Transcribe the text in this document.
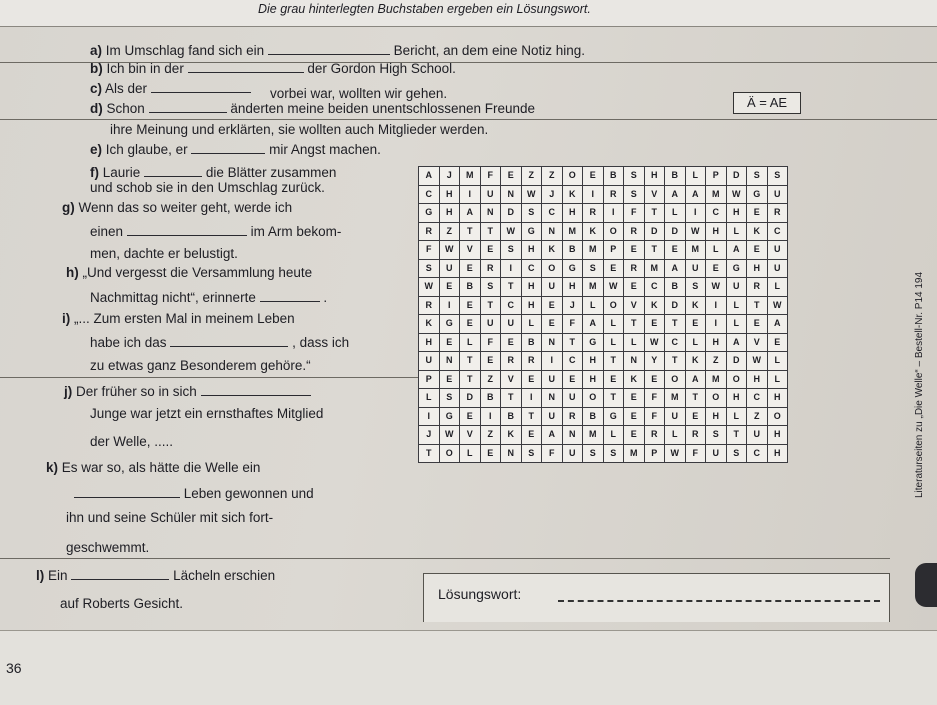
Die grau hinterlegten Buchstaben ergeben ein Lösungswort.
a) Im Umschlag fand sich ein	Bericht, an dem eine Notiz hing.
b) Ich bin in der	der Gordon High School.
c) Als der	vorbei war, wollten wir gehen.
d) Schon	änderten meine beiden unentschlossenen Freunde	Ä = AE
ihre Meinung und erklärten, sie wollten auch Mitglieder werden.
e) Ich glaube, er	mir Angst machen.
f) Laurie	die Blätter zusammen
und schob sie in den Umschlag zurück.
g) Wenn das so weiter geht, werde ich
einen	im Arm bekom-
men, dachte er belustigt.
h) „Und vergesst die Versammlung heute
Nachmittag nicht“, erinnerte	.
i) „... Zum ersten Mal in meinem Leben
habe ich das	, dass ich
zu etwas ganz Besonderem gehöre.“
j) Der früher so in sich
Junge war jetzt ein ernsthaftes Mitglied
der Welle, .....
k) Es war so, als hätte die Welle ein
Leben gewonnen und
ihn und seine Schüler mit sich fort-
geschwemmt.
l) Ein	Lächeln erschien
auf Roberts Gesicht.
A	J	M	F	E	Z	Z	O	E	B	S	H	B	L	P	D	S	S
C	H	I	U	N	W	J	K	I	R	S	V	A	A	M	W	G	U
G	H	A	N	D	S	C	H	R	I	F	T	L	I	C	H	E	R
R	Z	T	T	W	G	N	M	K	O	R	D	D	W	H	L	K	C
F	W	V	E	S	H	K	B	M	P	E	T	E	M	L	A	E	U
S	U	E	R	I	C	O	G	S	E	R	M	A	U	E	G	H	U
W	E	B	S	T	H	U	H	M	W	E	C	B	S	W	U	R	L
R	I	E	T	C	H	E	J	L	O	V	K	D	K	I	L	T	W
K	G	E	U	U	L	E	F	A	L	T	E	T	E	I	L	E	A
H	E	L	F	E	B	N	T	G	L	L	W	C	L	H	A	V	E
U	N	T	E	R	R	I	C	H	T	N	Y	T	K	Z	D	W	L
P	E	T	Z	V	E	U	E	H	E	K	E	O	A	M	O	H	L
L	S	D	B	T	I	N	U	O	T	E	F	M	T	O	H	C	H
I	G	E	I	B	T	U	R	B	G	E	F	U	E	H	L	Z	O
J	W	V	Z	K	E	A	N	M	L	E	R	L	R	S	T	U	H
T	O	L	E	N	S	F	U	S	S	M	P	W	F	U	S	C	H	Literaturseiten zu „Die Welle“ – Bestell-Nr. P14 194
Lösungswort:
36
